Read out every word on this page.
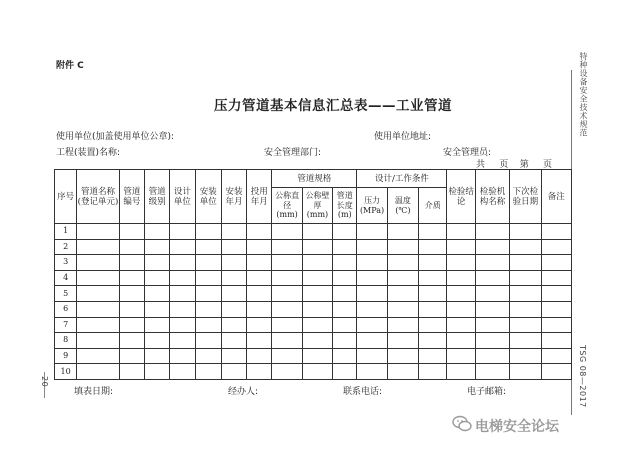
附件 C
压力管道基本信息汇总表——工业管道
使用单位(加盖使用单位公章):	使用单位地址:
工程(装置)名称:	安全管理部门:	安全管理员:
共     页    第     页
特种设备安全技术规范
TSG 08—2017
20
序号	管道名称(登记单元)	管道编号	管道级别	设计单位	安装单位	安装年月	投用年月	管道规格			设计/工作条件			检验结论	检验机构名称	下次检验日期	备注
								公称直径(mm)	公称壁厚(mm)	管道长度(m)	压力(MPa)	温度(℃)	介质				
1																	
2																	
3																	
4																	
5																	
6																	
7																	
8																	
9																	
10																	
填表日期:	经办人:	联系电话:	电子邮箱:
电梯安全论坛
